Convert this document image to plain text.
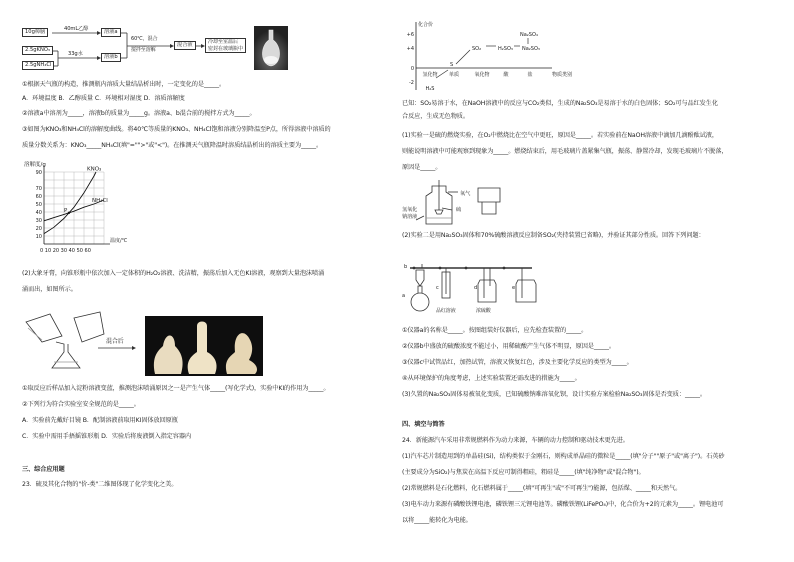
10g樟脑
2.5gKNO₃
2.5gNH₄Cl
40mL乙醇
33g水
溶液a
溶液b
60℃，混合
搅拌至溶解
混合液	冷却至室温后
密封在玻璃瓶中
①根据天气瓶的构造，推测瓶内溶质大量结晶析出时，一定变化的是_____。
A．环境温度 B．乙醇质量 C．环境相对湿度 D．溶质溶解度
②溶液a中溶剂为_____，溶液b的质量为_____g。溶液a、b混合前的搅拌方式为_____。
③如图为KNO₃和NH₄Cl的溶解度曲线。将40℃等质量的KNO₃、NH₄Cl饱和溶液分别降温至P点，所得溶液中溶质的
质量分数关系为：KNO₃_____NH₄Cl(填"="">"或"<")。在推测天气瓶降温时溶质结晶析出的溶质主要为_____。
溶解度/g
90
70
60
50
40
30
20
10
0 10 20 30 40 50 60
温度/℃
KNO₃
NH₄Cl
P
(2)大象牙膏，向锥形瓶中依次加入一定体积的H₂O₂溶液、洗洁精，振荡后加入无色KI溶液，观察到大量泡沫喷涌
涌而出，如图所示。
混合后
①取反应后样品加入淀粉溶液变蓝，推测泡沫喷涌原因之一是产生气体_____(写化学式)，实验中KI的作用为_____。
②下列行为符合实验室安全规范的是_____。
A．实验前先戴好目镜 B．配制溶液前取用KI固体放回原瓶
C．实验中需用手捂摇锥形瓶 D．实验后将废液倒入指定容器内
三、综合应用题
23．硫及其化合物的"价-类"二维图体现了化学变化之美。
化合价
物质类别
+6
+4
0
-2
氢化物 单质	氧化物	酸	盐
H₂S
S
SO₂	H₂SO₃ Na₂SO₃
Na₂SO₄
已知：SO₂易溶于水，在NaOH溶液中的反应与CO₂类似，生成的Na₂SO₃是易溶于水的白色固体；SO₂可与品红发生化
合反应，生成无色物质。
(1)实验一是硫的燃烧实验，在O₂中燃烧比在空气中更旺，原因是_____。若实验前在NaOH溶液中滴加几滴酚酞试液，
则能说明溶液中可能观察到现象为_____。燃烧结束后，用毛玻璃片盖紧集气瓶，振荡、静置冷却，发现毛玻璃片不脱落，
原因是_____。
氧气
硫
氢氧化
钠溶液
(2)实验二是用Na₂SO₃固体和70%硫酸溶液反应制备SO₂(夹持装置已省略)，并验证其部分性质。回答下列问题：
a
b
c	d	e
品红溶液	浓硫酸
①仪器a的名称是_____。按图组装好仪器后，应先检查装置的_____。
②仪器b中盛放的硫酸浓度不能过小，用稀硫酸产生气体不明显，原因是_____。
③仪器c中试管品红，加热试管，溶液又恢复红色，涉及主要化学反应的类型为_____。
④从环境保护的角度考虑，上述实验装置还需改进的措施为_____。
(3)久置的Na₂SO₃固体易被氧化变质，已知硫酸钠难溶氧化钡，设计实验方案检验Na₂SO₃固体是否变质：_____。
四、填空与简答
24．新能源汽车采用非常规燃料作为动力来源，车辆的动力控制和驱动技术更先进。
(1)汽车芯片制造用到的单晶硅(Si)，结构类似于金刚石，则构成单晶硅的微粒是_____(填"分子""原子"或"离子")。石英砂
(主要成分为SiO₂)与焦炭在高温下反应可制得粗硅，粗硅是_____(填"纯净物"或"混合物")。
(2)常规燃料是石化燃料，化石燃料属于_____(填"可再生"或"不可再生")能源，包括煤、_____和天然气。
(3)电车动力来源有磷酸铁锂电池，磷铁锂三元锂电池等。磷酸铁锂(LiFePO₄)中，化合价为+2的元素为_____。锂电池可
以将_____能转化为电能。
